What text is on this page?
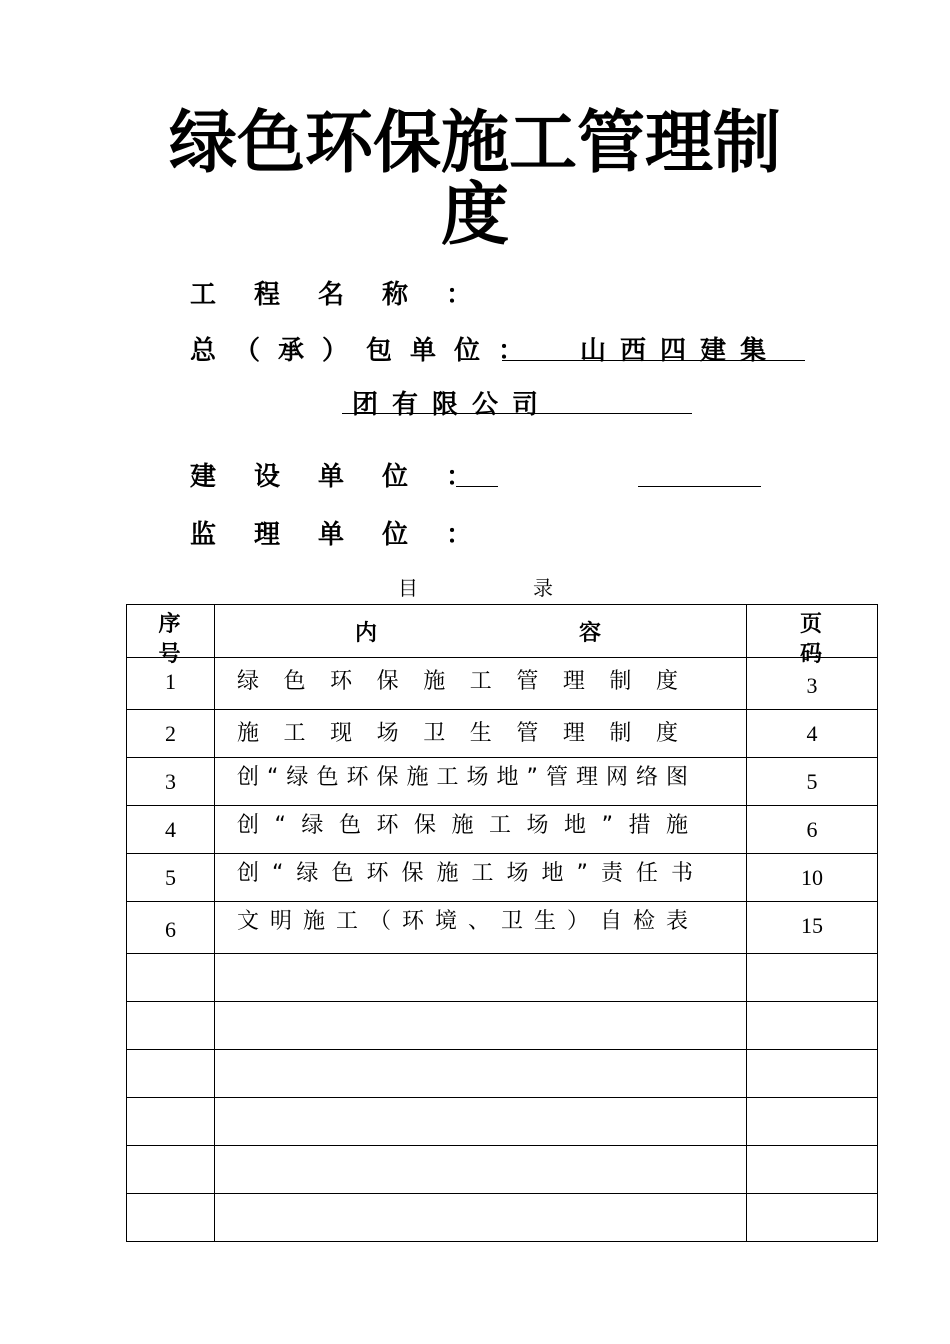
绿色环保施工管理制度
工程名称：
总（承）包单位： 山西四建集
团有限公司
建设单位：
监理单位：
目	录
序号	内 容	页码

1	绿色环保施工管理制度	3

2	施工现场卫生管理制度	4

3	创“绿色环保施工场地”管理网络图	5

4	创“绿色环保施工场地”措施	6

5	创“绿色环保施工场地”责任书	10

6	文明施工（环境、卫生）自检表	15
